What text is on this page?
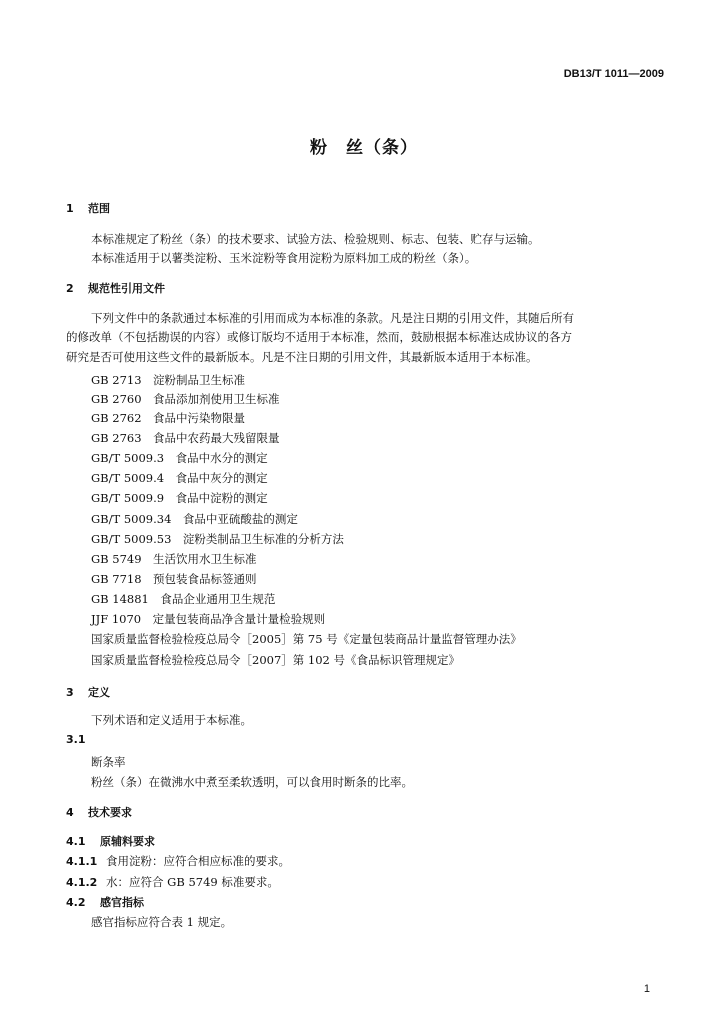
DB13/T 1011—2009
粉　丝（条）
1 范围
本标准规定了粉丝（条）的技术要求、试验方法、检验规则、标志、包装、贮存与运输。
本标准适用于以薯类淀粉、玉米淀粉等食用淀粉为原料加工成的粉丝（条）。
2 规范性引用文件
下列文件中的条款通过本标准的引用而成为本标准的条款。凡是注日期的引用文件，其随后所有
的修改单（不包括勘误的内容）或修订版均不适用于本标准，然而，鼓励根据本标准达成协议的各方
研究是否可使用这些文件的最新版本。凡是不注日期的引用文件，其最新版本适用于本标准。
GB 2713　淀粉制品卫生标准
GB 2760　食品添加剂使用卫生标准
GB 2762　食品中污染物限量
GB 2763　食品中农药最大残留限量
GB/T 5009.3　食品中水分的测定
GB/T 5009.4　食品中灰分的测定
GB/T 5009.9　食品中淀粉的测定
GB/T 5009.34　食品中亚硫酸盐的测定
GB/T 5009.53　淀粉类制品卫生标准的分析方法
GB 5749　生活饮用水卫生标准
GB 7718　预包装食品标签通则
GB 14881　食品企业通用卫生规范
JJF 1070　定量包装商品净含量计量检验规则
国家质量监督检验检疫总局令［2005］第 75 号《定量包装商品计量监督管理办法》
国家质量监督检验检疫总局令［2007］第 102 号《食品标识管理规定》
3 定义
下列术语和定义适用于本标准。
3.1
断条率
粉丝（条）在微沸水中煮至柔软透明，可以食用时断条的比率。
4 技术要求
4.1 原辅料要求
4.1.1 食用淀粉：应符合相应标准的要求。
4.1.2 水：应符合 GB 5749 标准要求。
4.2 感官指标
感官指标应符合表 1 规定。
1
